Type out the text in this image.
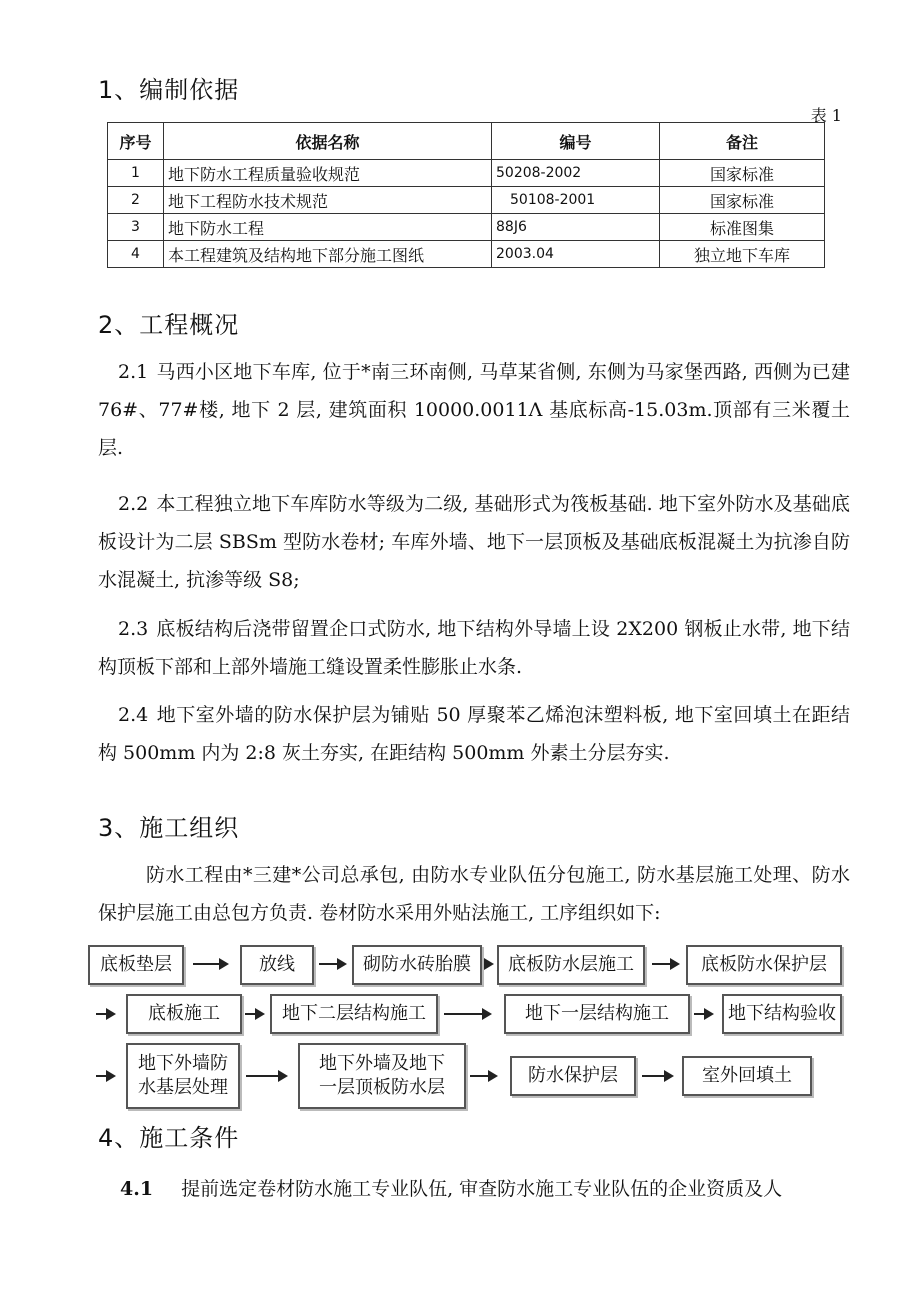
1、编制依据
表 1
序号	依据名称	编号	备注
1	地下防水工程质量验收规范	50208-2002	国家标准
2	地下工程防水技术规范	50108-2001	国家标准
3	地下防水工程	88J6	标准图集
4	本工程建筑及结构地下部分施工图纸	2003.04	独立地下车库
2、工程概况
2.1 马西小区地下车库, 位于*南三环南侧, 马草某省侧, 东侧为马家堡西路, 西侧为已建 76#、77#楼, 地下 2 层, 建筑面积 10000.0011Λ 基底标高-15.03m.顶部有三米覆土层.
2.2 本工程独立地下车库防水等级为二级, 基础形式为筏板基础. 地下室外防水及基础底板设计为二层 SBSm 型防水卷材; 车库外墙、地下一层顶板及基础底板混凝土为抗渗自防水混凝土, 抗渗等级 S8;
2.3 底板结构后浇带留置企口式防水, 地下结构外导墙上设 2X200 钢板止水带, 地下结构顶板下部和上部外墙施工缝设置柔性膨胀止水条.
2.4 地下室外墙的防水保护层为铺贴 50 厚聚苯乙烯泡沫塑料板, 地下室回填土在距结构 500mm 内为 2:8 灰土夯实, 在距结构 500mm 外素土分层夯实.
3、施工组织
防水工程由*三建*公司总承包, 由防水专业队伍分包施工, 防水基层施工处理、防水保护层施工由总包方负责. 卷材防水采用外贴法施工, 工序组织如下:
底板垫层	放线	砌防水砖胎膜	底板防水层施工	底板防水保护层
底板施工	地下二层结构施工	地下一层结构施工	地下结构验收
地下外墙防
水基层处理
地下外墙及地下
一层顶板防水层
防水保护层	室外回填土
4、施工条件
4.1 提前选定卷材防水施工专业队伍, 审查防水施工专业队伍的企业资质及人
